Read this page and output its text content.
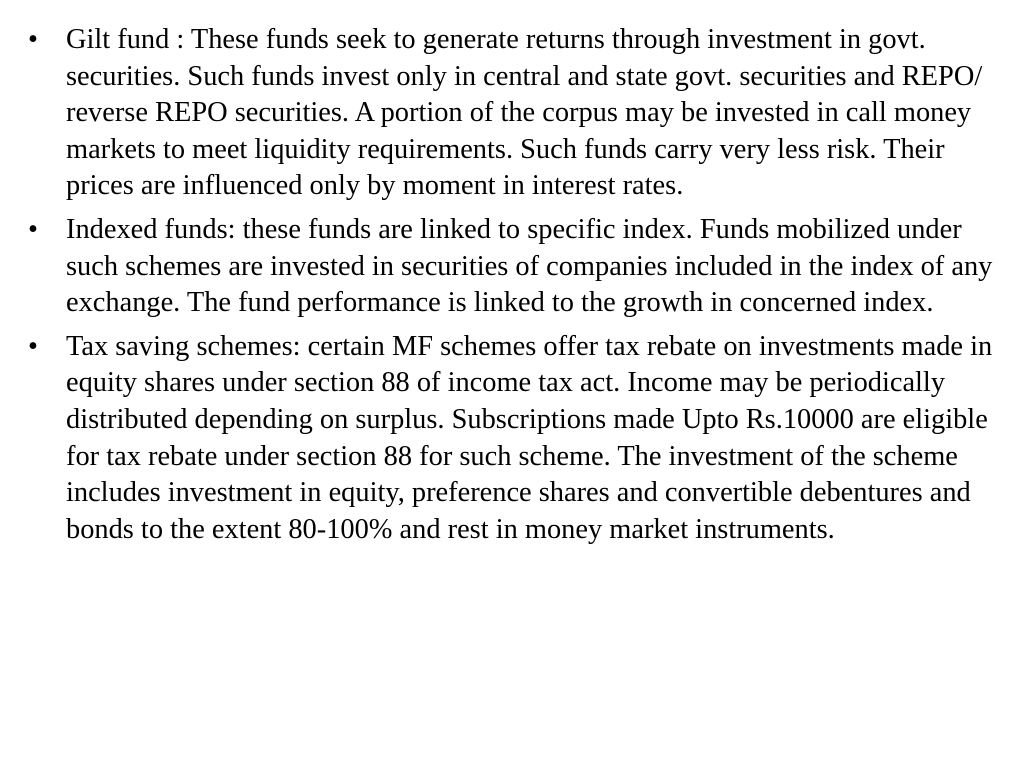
• Gilt fund : These funds seek to generate returns through investment in govt. securities. Such funds invest only in central and state govt. securities and REPO/ reverse REPO securities. A portion of the corpus may be invested in call money markets to meet liquidity requirements. Such funds carry very less risk. Their prices are influenced only by moment in interest rates.
• Indexed funds: these funds are linked to specific index. Funds mobilized under such schemes are invested in securities of companies included in the index of any exchange. The fund performance is linked to the growth in concerned index.
• Tax saving schemes: certain MF schemes offer tax rebate on investments made in equity shares under section 88 of income tax act. Income may be periodically distributed depending on surplus. Subscriptions made Upto Rs.10000 are eligible for tax rebate under section 88 for such scheme. The investment of the scheme includes investment in equity, preference shares and convertible debentures and bonds to the extent 80-100% and rest in money market instruments.
